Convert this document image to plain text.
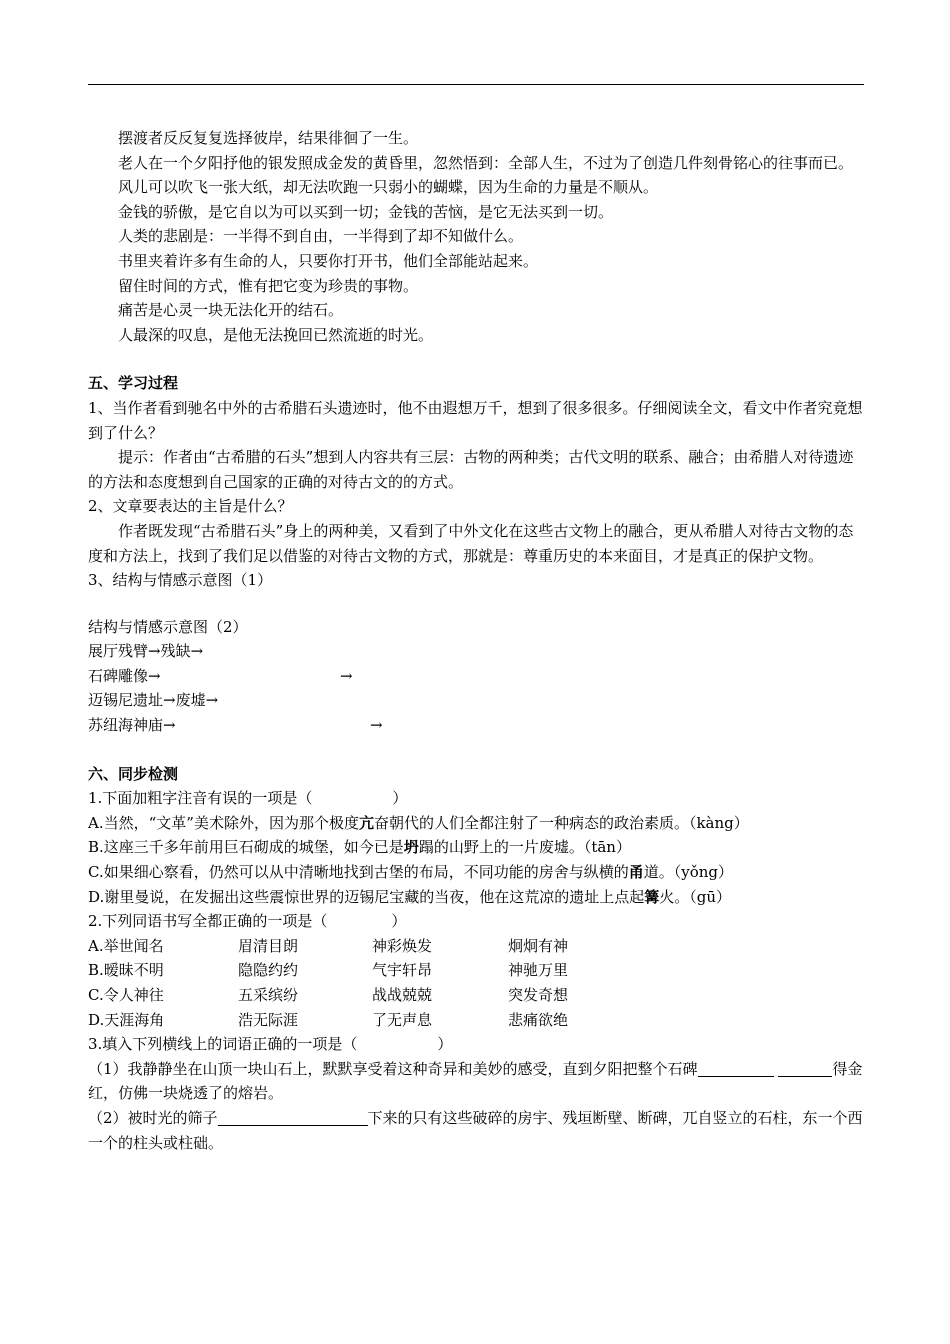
摆渡者反反复复选择彼岸，结果徘徊了一生。

老人在一个夕阳抒他的银发照成金发的黄昏里，忽然悟到：全部人生，不过为了创造几件刻骨铭心的往事而已。

风儿可以吹飞一张大纸，却无法吹跑一只弱小的蝴蝶，因为生命的力量是不顺从。

金钱的骄傲，是它自以为可以买到一切；金钱的苦恼，是它无法买到一切。

人类的悲剧是：一半得不到自由，一半得到了却不知做什么。

书里夹着许多有生命的人，只要你打开书，他们全部能站起来。

留住时间的方式，惟有把它变为珍贵的事物。

痛苦是心灵一块无法化开的结石。

人最深的叹息，是他无法挽回已然流逝的时光。

五、学习过程

1、当作者看到驰名中外的古希腊石头遗迹时，他不由遐想万千，想到了很多很多。仔细阅读全文，看文中作者究竟想到了什么？

提示：作者由“古希腊的石头”想到人内容共有三层：古物的两种类；古代文明的联系、融合；由希腊人对待遗迹的方法和态度想到自己国家的正确的对待古文的的方式。

2、文章要表达的主旨是什么？

作者既发现“古希腊石头”身上的两种美，又看到了中外文化在这些古文物上的融合，更从希腊人对待古文物的态度和方法上，找到了我们足以借鉴的对待古文物的方式，那就是：尊重历史的本来面目，才是真正的保护文物。

3、结构与情感示意图（1）

结构与情感示意图（2）

展厅残臂→残缺→
石碑雕像→	→
迈锡尼遗址→废墟→
苏纽海神庙→	→

六、同步检测

1.下面加粗字注音有误的一项是（	）

A.当然，“文革”美术除外，因为那个极度亢奋朝代的人们全都注射了一种病态的政治素质。（kàng）

B.这座三千多年前用巨石砌成的城堡，如今已是坍蹋的山野上的一片废墟。（tān）

C.如果细心察看，仍然可以从中清晰地找到古堡的布局，不同功能的房舍与纵横的甬道。（yǒng）

D.谢里曼说，在发掘出这些震惊世界的迈锡尼宝藏的当夜，他在这荒凉的遗址上点起篝火。（gū）

2.下列同语书写全都正确的一项是（	）

A.举世闻名	眉清目朗	神彩焕发	炯炯有神
B.暧昧不明	隐隐约约	气宇轩昂	神驰万里
C.令人神往	五采缤纷	战战兢兢	突发奇想
D.天涯海角	浩无际涯	了无声息	悲痛欲绝

3.填入下列横线上的词语正确的一项是（	）

（1）我静静坐在山顶一块山石上，默默享受着这种奇异和美妙的感受，直到夕阳把整个石碑	得金红，仿佛一块烧透了的熔岩。

（2）被时光的筛子	下来的只有这些破碎的房宇、残垣断壁、断碑，兀自竖立的石柱，东一个西一个的柱头或柱础。
